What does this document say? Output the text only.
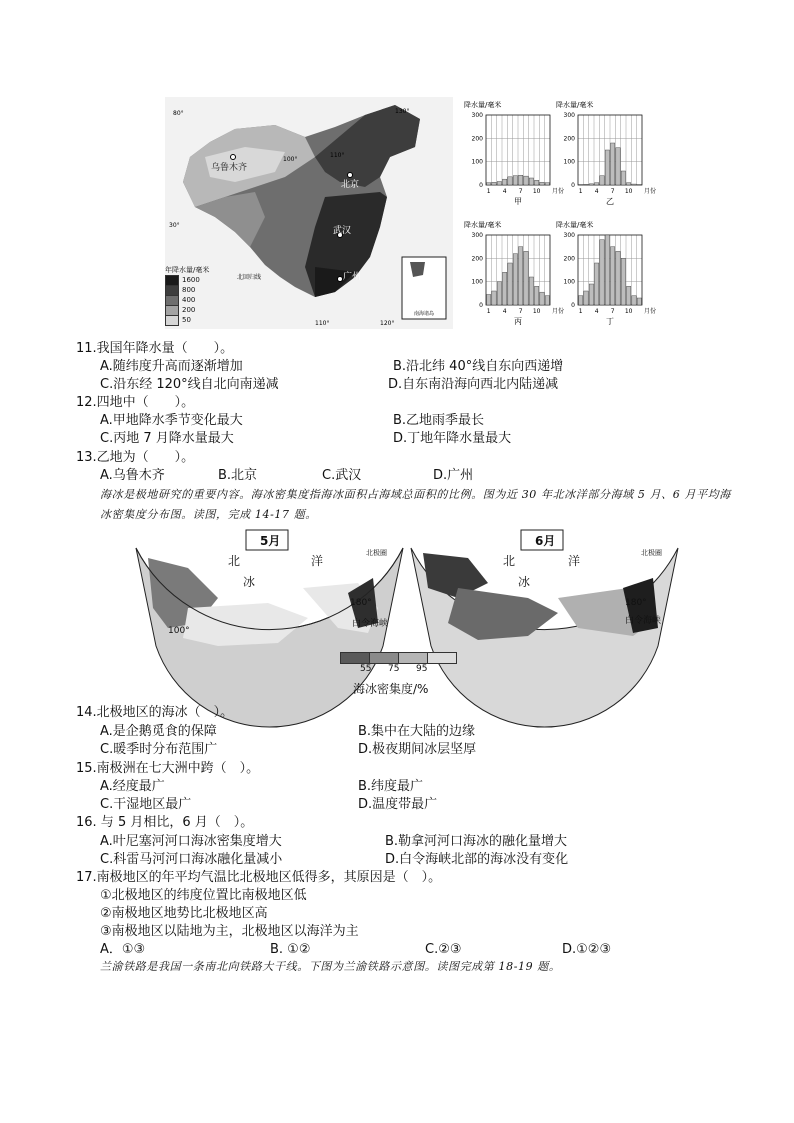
南海诸岛
80°
100°
110°
130°
30°
110°	120°
北回归线
乌鲁木齐
北京
武汉
广州
年降水量/毫米
1600
800
400
200
50
降水量/毫米
300
200
100
0
1 4 7 10 月份
甲
降水量/毫米
300
200
100
0
1 4 7 10 月份
乙
降水量/毫米
300
200
100
0
1 4 7 10 月份
丙
降水量/毫米
300
200
100
0
1 4 7 10 月份
丁
11.我国年降水量（　　）。
A.随纬度升高而逐渐增加	B.沿北纬 40°线自东向西递增
C.沿东经 120°线自北向南递减	D.自东南沿海向西北内陆递减
12.四地中（　　）。
A.甲地降水季节变化最大	B.乙地雨季最长
C.丙地 7 月降水量最大	D.丁地年降水量最大
13.乙地为（　　）。
A.乌鲁木齐	B.北京	C.武汉	D.广州
海冰是极地研究的重要内容。海冰密集度指海冰面积占海域总面积的比例。图为近 30 年北冰洋部分海域 5 月、6 月平均海冰密集度分布图。读图，完成 14-17 题。
5月	6月
北
冰
洋	北
冰
洋
白令海峡	白令海峡
180°	180°
100°
北极圈	北极圈
55 75 95
海冰密集度/%
14.北极地区的海冰（　）。
A.是企鹅觅食的保障	B.集中在大陆的边缘
C.暖季时分布范围广	D.极夜期间冰层坚厚
15.南极洲在七大洲中跨（　）。
A.经度最广	B.纬度最广
C.干湿地区最广	D.温度带最广
16. 与 5 月相比，6 月（　）。
A.叶尼塞河河口海冰密集度增大	B.勒拿河河口海冰的融化量增大
C.科雷马河河口海冰融化量减小	D.白令海峡北部的海冰没有变化
17.南极地区的年平均气温比北极地区低得多，其原因是（　）。
①北极地区的纬度位置比南极地区低
②南极地区地势比北极地区高
③南极地区以陆地为主，北极地区以海洋为主
A．①③	B. ①②	C.②③	D.①②③
兰渝铁路是我国一条南北向铁路大干线。下图为兰渝铁路示意图。读图完成第 18-19 题。
